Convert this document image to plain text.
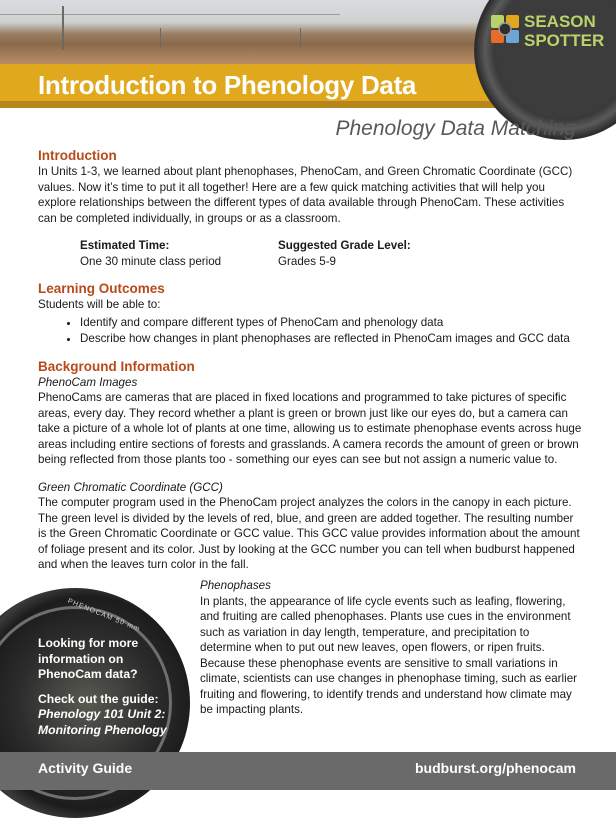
Introduction to Phenology Data
SEASON
SPOTTER
Phenology Data Matching
Introduction

In Units 1-3, we learned about plant phenophases, PhenoCam, and Green Chromatic Coordinate (GCC) values. Now it’s time to put it all together! Here are a few quick matching activities that will help you explore relationships between the different types of data available through PhenoCam. These activities can be completed individually, in groups or as a classroom.

Estimated Time:
One 30 minute class period
Suggested Grade Level:
Grades 5-9
Learning Outcomes

Students will be able to:

• Identify and compare different types of PhenoCam and phenology data
• Describe how changes in plant phenophases are reflected in PhenoCam images and GCC data
Background Information
PhenoCam Images

PhenoCams are cameras that are placed in fixed locations and programmed to take pictures of specific areas, every day. They record whether a plant is green or brown just like our eyes do, but a camera can take a picture of a whole lot of plants at one time, allowing us to estimate phenophase events across huge areas including entire sections of forests and grasslands. A camera records the amount of green or brown being reflected from those plants too - something our eyes can see but not assign a numeric value to.

Green Chromatic Coordinate (GCC)

The computer program used in the PhenoCam project analyzes the colors in the canopy in each picture. The green level is divided by the levels of red, blue, and green are added together. The resulting number is the Green Chromatic Coordinate or GCC value. This GCC value provides information about the amount of foliage present and its color. Just by looking at the GCC number you can tell when budburst happened and when the leaves turn color in the fall.

Phenophases

In plants, the appearance of life cycle events such as leafing, flowering, and fruiting are called phenophases. Plants use cues in the environment such as variation in day length, temperature, and precipitation to determine when to put out new leaves, open flowers, or ripen fruits. Because these phenophase events are sensitive to small variations in climate, scientists can use changes in phenophase timing, such as earlier fruiting and flowering, to identify trends and understand how climate may be impacting plants.

PHENOCAM 50 mm
Looking for more information on PhenoCam data?
Check out the guide:
Phenology 101 Unit 2: Monitoring Phenology
Activity Guide	budburst.org/phenocam
